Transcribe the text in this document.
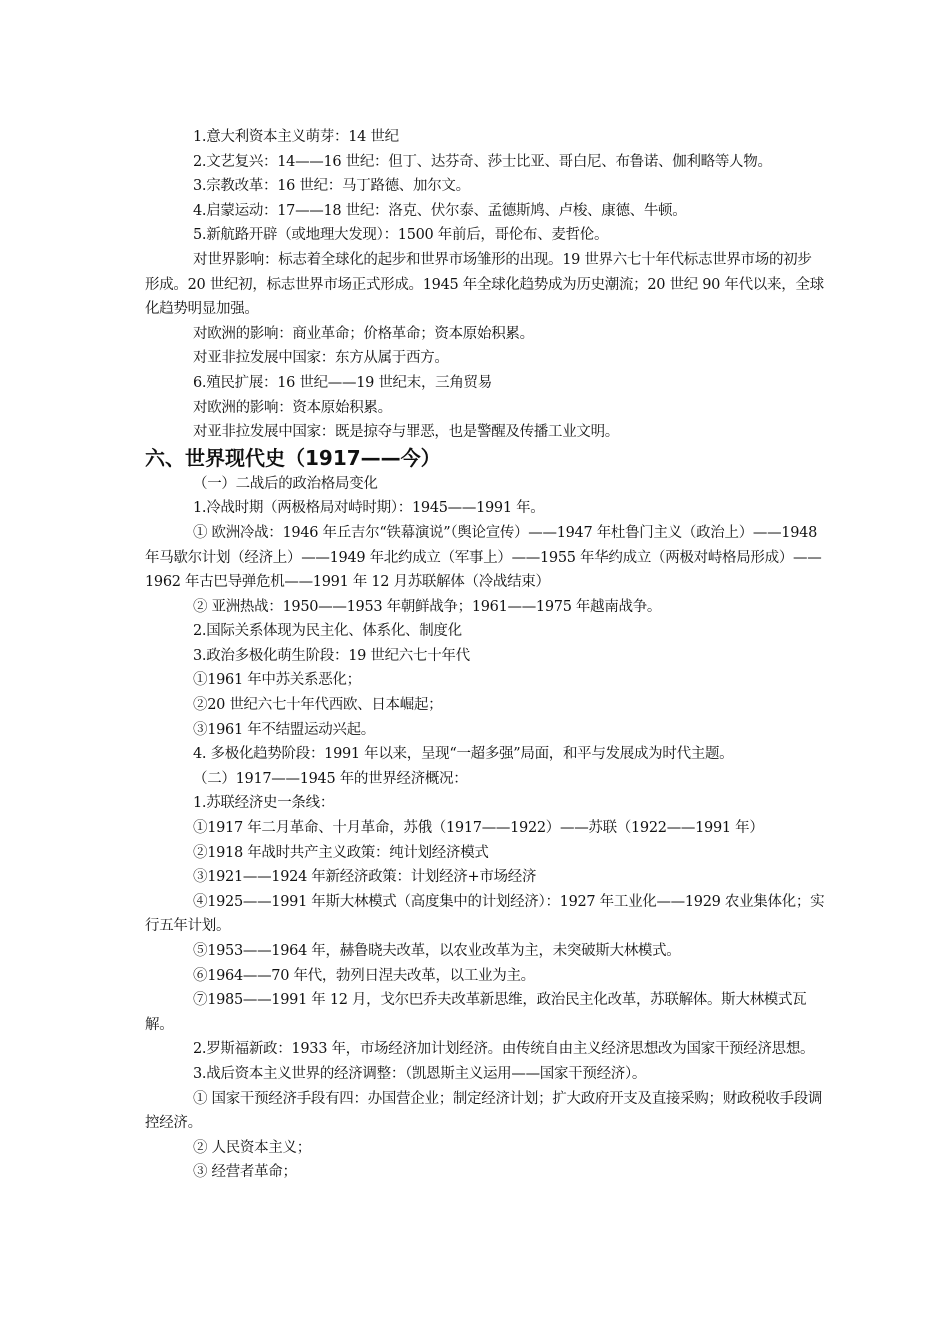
1.意大利资本主义萌芽：14 世纪
2.文艺复兴：14——16 世纪：但丁、达芬奇、莎士比亚、哥白尼、布鲁诺、伽利略等人物。
3.宗教改革：16 世纪：马丁路德、加尔文。
4.启蒙运动：17——18 世纪：洛克、伏尔泰、孟德斯鸠、卢梭、康德、牛顿。
5.新航路开辟（或地理大发现）：1500 年前后，哥伦布、麦哲伦。
对世界影响：标志着全球化的起步和世界市场雏形的出现。19 世界六七十年代标志世界市场的初步形成。20 世纪初，标志世界市场正式形成。1945 年全球化趋势成为历史潮流；20 世纪 90 年代以来，全球化趋势明显加强。
对欧洲的影响：商业革命；价格革命；资本原始积累。
对亚非拉发展中国家：东方从属于西方。
6.殖民扩展：16 世纪——19 世纪末，三角贸易
对欧洲的影响：资本原始积累。
对亚非拉发展中国家：既是掠夺与罪恶，也是警醒及传播工业文明。
六、世界现代史（1917——今）
（一）二战后的政治格局变化
1.冷战时期（两极格局对峙时期）：1945——1991 年。
① 欧洲冷战：1946 年丘吉尔“铁幕演说”（舆论宣传）——1947 年杜鲁门主义（政治上）——1948 年马歇尔计划（经济上）——1949 年北约成立（军事上）——1955 年华约成立（两极对峙格局形成）——1962 年古巴导弹危机——1991 年 12 月苏联解体（冷战结束）
② 亚洲热战：1950——1953 年朝鲜战争；1961——1975 年越南战争。
2.国际关系体现为民主化、体系化、制度化
3.政治多极化萌生阶段：19 世纪六七十年代
①1961 年中苏关系恶化；
②20 世纪六七十年代西欧、日本崛起；
③1961 年不结盟运动兴起。
4. 多极化趋势阶段：1991 年以来，呈现“一超多强”局面，和平与发展成为时代主题。
（二）1917——1945 年的世界经济概况：
1.苏联经济史一条线：
①1917 年二月革命、十月革命，苏俄（1917——1922）——苏联（1922——1991 年）
②1918 年战时共产主义政策：纯计划经济模式
③1921——1924 年新经济政策：计划经济+市场经济
④1925——1991 年斯大林模式（高度集中的计划经济）：1927 年工业化——1929 农业集体化；实行五年计划。
⑤1953——1964 年，赫鲁晓夫改革，以农业改革为主，未突破斯大林模式。
⑥1964——70 年代，勃列日涅夫改革，以工业为主。
⑦1985——1991 年 12 月，戈尔巴乔夫改革新思维，政治民主化改革，苏联解体。斯大林模式瓦解。
2.罗斯福新政：1933 年，市场经济加计划经济。由传统自由主义经济思想改为国家干预经济思想。
3.战后资本主义世界的经济调整：（凯恩斯主义运用——国家干预经济）。
① 国家干预经济手段有四：办国营企业；制定经济计划；扩大政府开支及直接采购；财政税收手段调控经济。
② 人民资本主义；
③ 经营者革命；
